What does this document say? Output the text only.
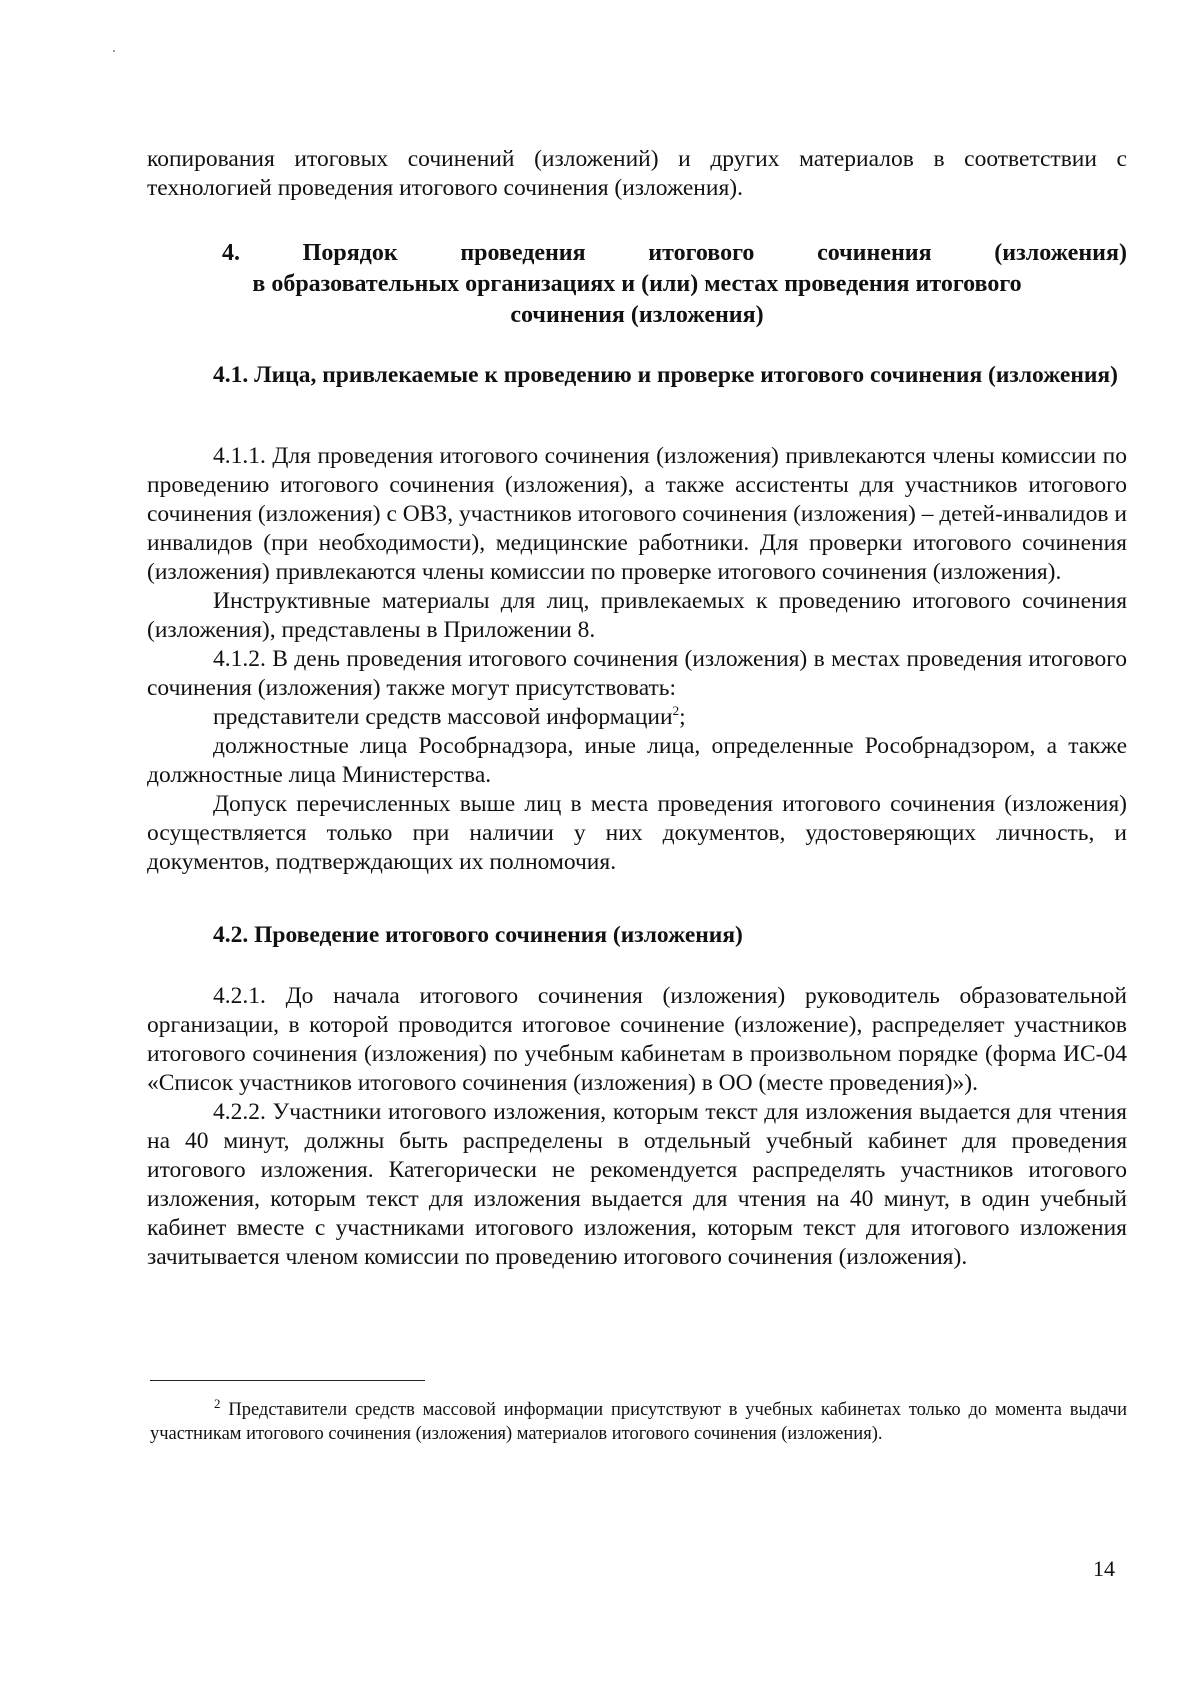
копирования итоговых сочинений (изложений) и других материалов в соответствии с технологией проведения итогового сочинения (изложения).

4.	Порядок	проведения	итогового	сочинения	(изложения)
в образовательных организациях и (или) местах проведения итогового
сочинения (изложения)
4.1. Лица, привлекаемые к проведению и проверке итогового сочинения (изложения)

4.1.1. Для проведения итогового сочинения (изложения) привлекаются члены комиссии по проведению итогового сочинения (изложения), а также ассистенты для участников итогового сочинения (изложения) с ОВЗ, участников итогового сочинения (изложения) – детей-инвалидов и инвалидов (при необходимости), медицинские работники. Для проверки итогового сочинения (изложения) привлекаются члены комиссии по проверке итогового сочинения (изложения).

Инструктивные материалы для лиц, привлекаемых к проведению итогового сочинения (изложения), представлены в Приложении 8.

4.1.2. В день проведения итогового сочинения (изложения) в местах проведения итогового сочинения (изложения) также могут присутствовать:

представители средств массовой информации$^2$;

должностные лица Рособрнадзора, иные лица, определенные Рособрнадзором, а также должностные лица Министерства.

Допуск перечисленных выше лиц в места проведения итогового сочинения (изложения) осуществляется только при наличии у них документов, удостоверяющих личность, и документов, подтверждающих их полномочия.

4.2. Проведение итогового сочинения (изложения)

4.2.1. До начала итогового сочинения (изложения) руководитель образовательной организации, в которой проводится итоговое сочинение (изложение), распределяет участников итогового сочинения (изложения) по учебным кабинетам в произвольном порядке (форма ИС-04 «Список участников итогового сочинения (изложения) в ОО (месте проведения)»).

4.2.2. Участники итогового изложения, которым текст для изложения выдается для чтения на 40 минут, должны быть распределены в отдельный учебный кабинет для проведения итогового изложения. Категорически не рекомендуется распределять участников итогового изложения, которым текст для изложения выдается для чтения на 40 минут, в один учебный кабинет вместе с участниками итогового изложения, которым текст для итогового изложения зачитывается членом комиссии по проведению итогового сочинения (изложения).

$^2$ Представители средств массовой информации присутствуют в учебных кабинетах только до момента выдачи участникам итогового сочинения (изложения) материалов итогового сочинения (изложения).
14
